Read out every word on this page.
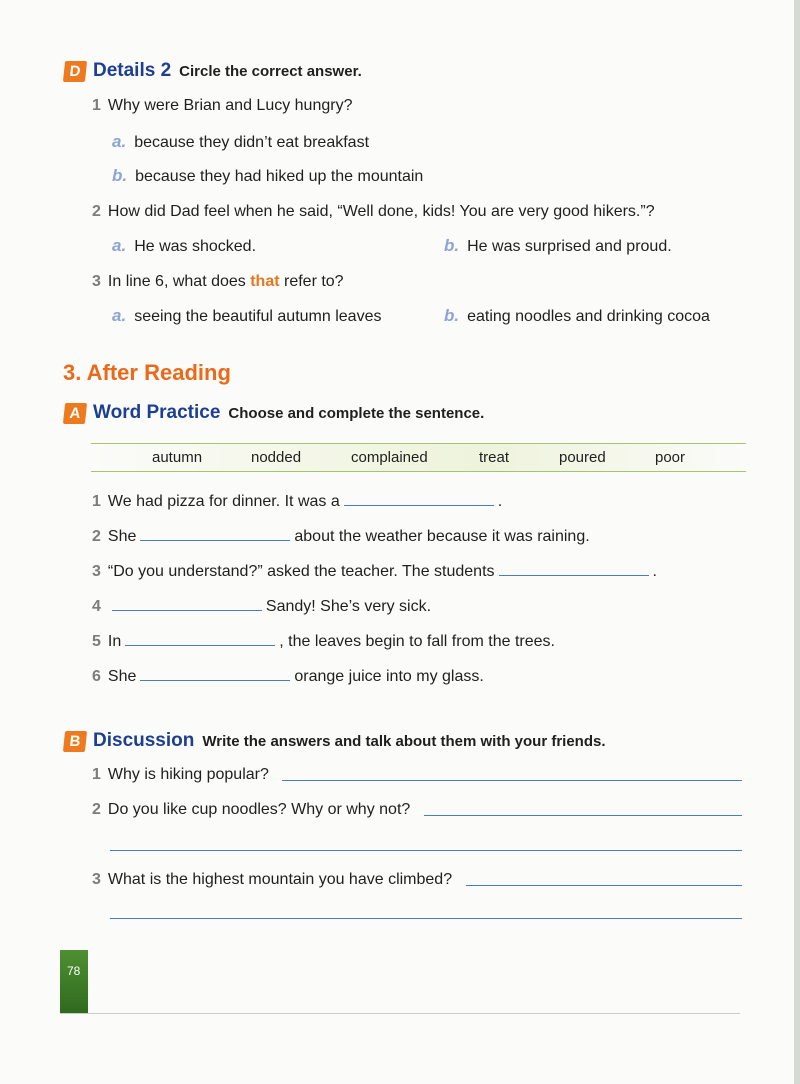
D Details 2 Circle the correct answer.
1 Why were Brian and Lucy hungry?
a. because they didn’t eat breakfast
b. because they had hiked up the mountain
2 How did Dad feel when he said, “Well done, kids! You are very good hikers.”?
a. He was shocked.	b. He was surprised and proud.
3 In line 6, what does that refer to?
a. seeing the beautiful autumn leaves	b. eating noodles and drinking cocoa
3. After Reading
A Word Practice Choose and complete the sentence.
autumn	nodded	complained	treat	poured	poor
1 We had pizza for dinner. It was a	.
2 She	about the weather because it was raining.
3 “Do you understand?” asked the teacher. The students	.
4	Sandy! She’s very sick.
5 In	, the leaves begin to fall from the trees.
6 She	orange juice into my glass.
B Discussion Write the answers and talk about them with your friends.
1 Why is hiking popular?
2 Do you like cup noodles? Why or why not?
3 What is the highest mountain you have climbed?
78
